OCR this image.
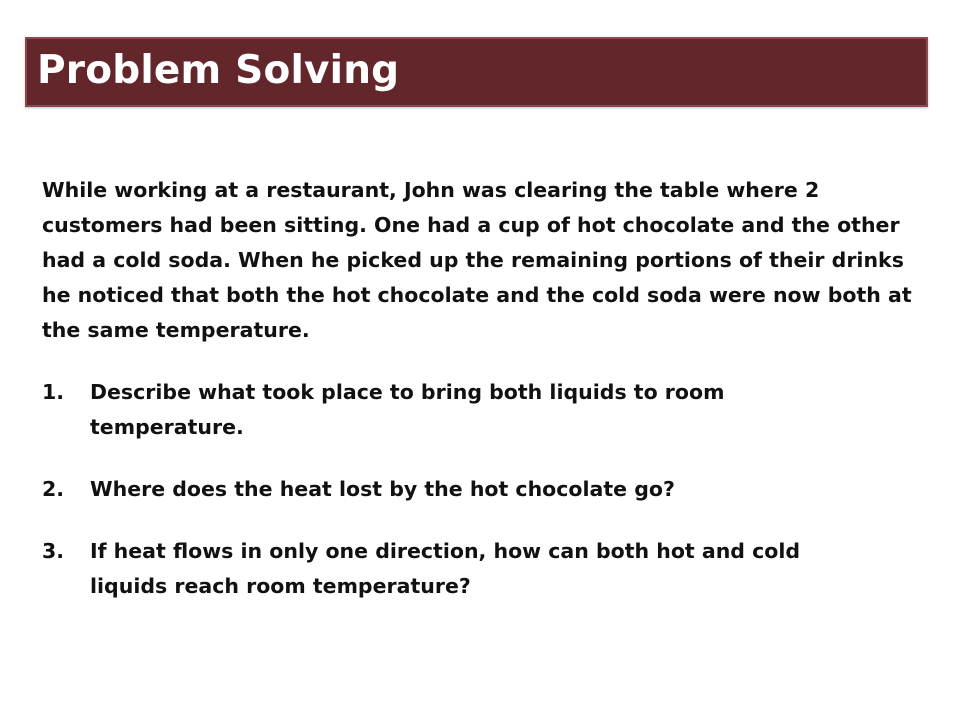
Problem Solving

While working at a restaurant, John was clearing the table where 2 customers had been sitting. One had a cup of hot chocolate and the other had a cold soda. When he picked up the remaining portions of their drinks he noticed that both the hot chocolate and the cold soda were now both at the same temperature.

1.	Describe what took place to bring both liquids to room temperature.
2.	Where does the heat lost by the hot chocolate go?
3.	If heat flows in only one direction, how can both hot and cold liquids reach room temperature?
